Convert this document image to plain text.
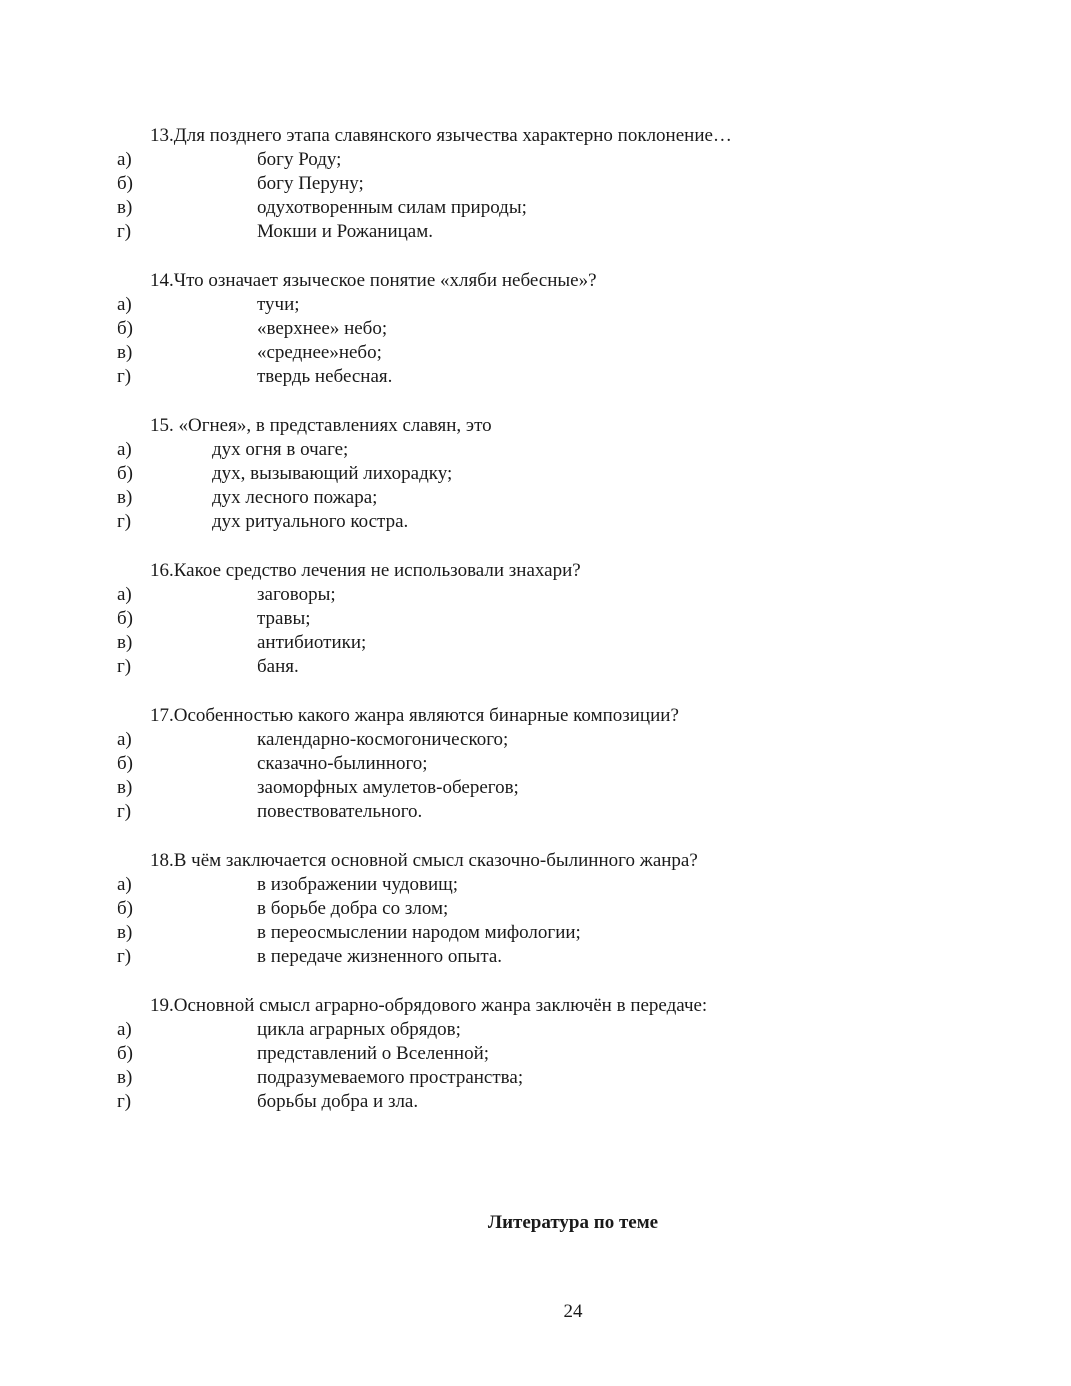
13.Для позднего этапа славянского язычества характерно поклонение…
а)	богу Роду;
б)	богу Перуну;
в)	одухотворенным силам природы;
г)	Мокши и Рожаницам.
14.Что означает языческое понятие «хляби небесные»?
а)	тучи;
б)	«верхнее» небо;
в)	«среднее»небо;
г)	твердь небесная.
15. «Огнея», в представлениях славян, это
а)	дух огня в очаге;
б)	дух, вызывающий лихорадку;
в)	дух лесного пожара;
г)	дух ритуального костра.
16.Какое средство лечения не использовали знахари?
а)	заговоры;
б)	травы;
в)	антибиотики;
г)	баня.
17.Особенностью какого жанра являются бинарные композиции?
а)	календарно-космогонического;
б)	сказачно-былинного;
в)	заоморфных амулетов-оберегов;
г)	повествовательного.
18.В чём заключается основной смысл сказочно-былинного жанра?
а)	в изображении чудовищ;
б)	в борьбе добра со злом;
в)	в переосмыслении народом мифологии;
г)	в передаче жизненного опыта.
19.Основной смысл аграрно-обрядового жанра заключён в передаче:
а)	цикла аграрных обрядов;
б)	представлений о Вселенной;
в)	подразумеваемого пространства;
г)	борьбы добра и зла.
Литература по теме
24
